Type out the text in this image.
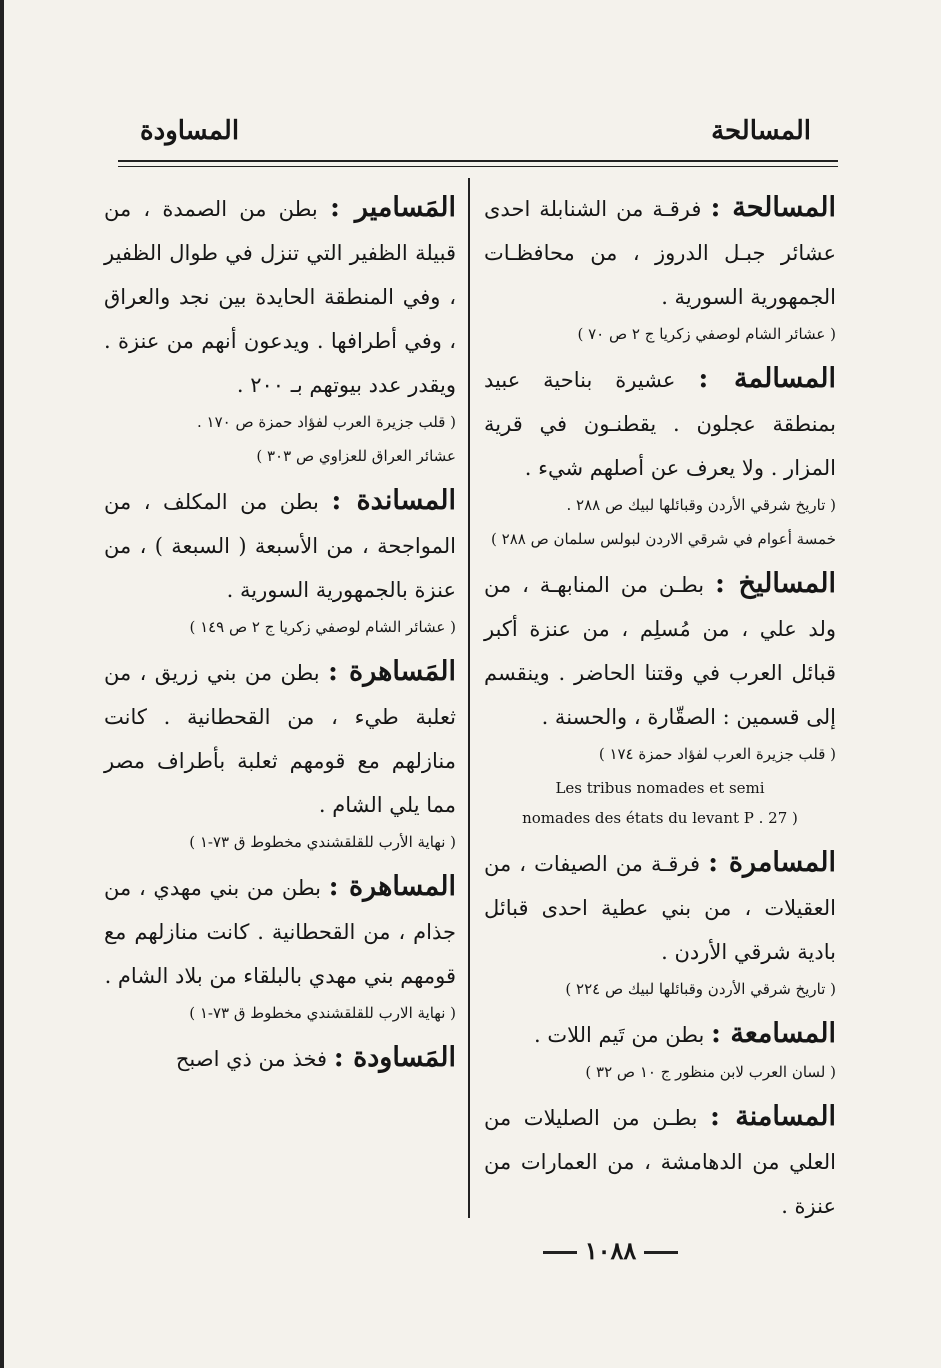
المسالحة
المساودة

المسالحة : فرقـة من الشنابلة احدى عشائر جبـل الدروز ، من محافظـات الجمهورية السورية .

( عشائر الشام لوصفي زكريا ج ٢ ص ٧٠ )

المسالمة : عشيرة بناحية عبيد بمنطقة عجلون . يقطنـون في قرية المزار . ولا يعرف عن أصلهم شيء .

( تاريخ شرقي الأردن وقبائلها لبيك ص ٢٨٨ .

خمسة أعوام في شرقي الاردن لبولس سلمان ص ٢٨٨ )

المساليخ : بطـن من المنابهـة ، من ولد علي ، من مُسلِم ، من عنزة أكبر قبائل العرب في وقتنا الحاضر . وينقسم إلى قسمين : الصقّارة ، والحسنة .

( قلب جزيرة العرب لفؤاد حمزة ١٧٤ )

Les tribus nomades et semi

nomades des états du levant P . 27 )

المسامرة : فرقـة من الصيفات ، من العقيلات ، من بني عطية احدى قبائل بادية شرقي الأردن .

( تاريخ شرقي الأردن وقبائلها لبيك ص ٢٢٤ )

المسامعة : بطن من تَيم اللات .

( لسان العرب لابن منظور ج ١٠ ص ٣٢ )

المسامنة : بطـن من الصليلات من العلي من الدهامشة ، من العمارات من عنزة .

المَسامير : بطن من الصمدة ، من قبيلة الظفير التي تنزل في طوال الظفير ، وفي المنطقة الحايدة بين نجد والعراق ، وفي أطرافها . ويدعون أنهم من عنزة . ويقدر عدد بيوتهم بـ ٢٠٠ .

( قلب جزيرة العرب لفؤاد حمزة ص ١٧٠ .

عشائر العراق للعزاوي ص ٣٠٣ )

المساندة : بطن من المكلف ، من المواجحة ، من الأسبعة ( السبعة ) ، من عنزة بالجمهورية السورية .

( عشائر الشام لوصفي زكريا ج ٢ ص ١٤٩ )

المَساهرة : بطن من بني زريق ، من ثعلبة طيء ، من القحطانية . كانت منازلهم مع قومهم ثعلبة بأطراف مصر مما يلي الشام .

( نهاية الأرب للقلقشندي مخطوط ق ٧٣-١ )

المساهرة : بطن من بني مهدي ، من جذام ، من القحطانية . كانت منازلهم مع قومهم بني مهدي بالبلقاء من بلاد الشام .

( نهاية الارب للقلقشندي مخطوط ق ٧٣-١ )

المَساودة : فخذ من ذي اصبح

١٠٨٨
